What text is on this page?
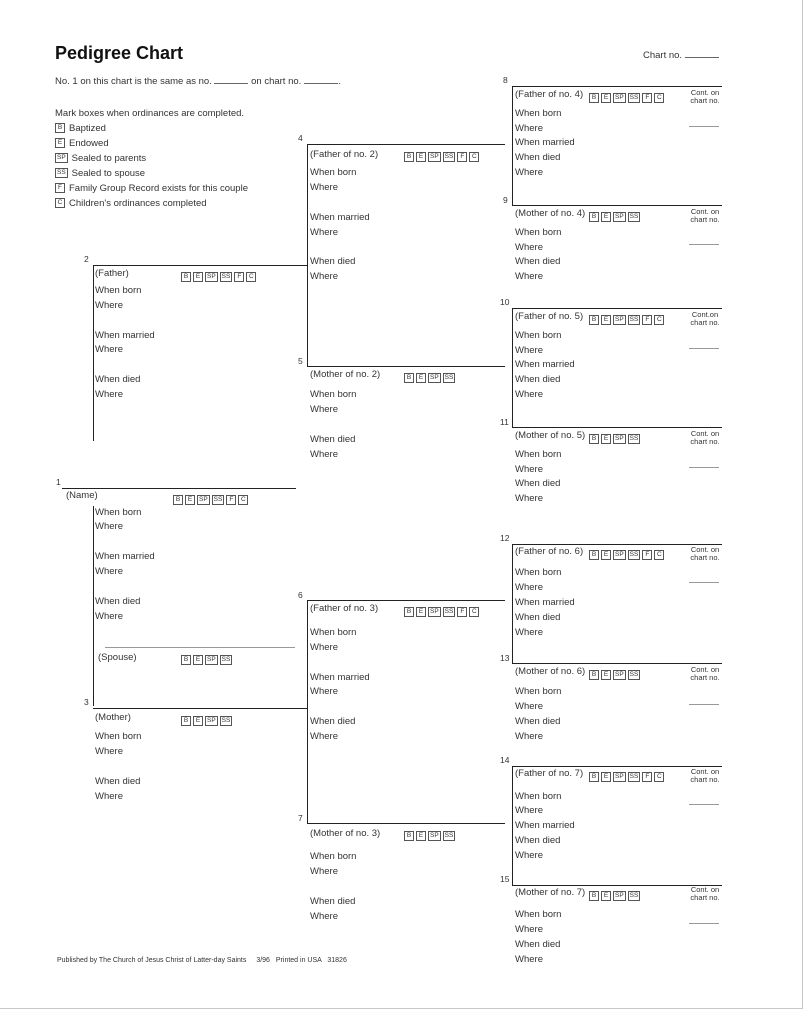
Pedigree Chart	Chart no.
No. 1 on this chart is the same as no.	on chart no.	.
Mark boxes when ordinances are completed.
B Baptized
E Endowed
SP Sealed to parents
SS Sealed to spouse
F Family Group Record exists for this couple
C Children's ordinances completed
1
(Name)	B E SP SS F C
When born
Where
When married
Where
When died
Where
(Spouse)	B E SP SS
2
(Father)	B E SP SS F C
When born
Where
When married
Where
When died
Where
3
(Mother)	B E SP SS
When born
Where
When died
Where
4
(Father of no. 2)	B E SP SS F C
When born
Where
When married
Where
When died
Where
5
(Mother of no. 2)	B E SP SS
When born
Where
When died
Where
6
(Father of no. 3)	B E SP SS F C
When born
Where
When married
Where
When died
Where
7
(Mother of no. 3)	B E SP SS
When born
Where
When died
Where
8
(Father of no. 4)	B E SP SS F C
Cont. on
chart no.
When born
Where
When married
When died
Where
9
(Mother of no. 4)	B E SP SS
Cont. on
chart no.
When born
Where
When died
Where
10
(Father of no. 5)	B E SP SS F C
Cont.on
chart no.
When born
Where
When married
When died
Where
11
(Mother of no. 5)	B E SP SS
Cont. on
chart no.
When born
Where
When died
Where
12
(Father of no. 6)	B E SP SS F C
Cont. on
chart no.
When born
Where
When married
When died
Where
13
(Mother of no. 6)	B E SP SS
Cont. on
chart no.
When born
Where
When died
Where
14
(Father of no. 7)	B E SP SS F C
Cont. on
chart no.
When born
Where
When married
When died
Where
15
(Mother of no. 7)	B E SP SS
Cont. on
chart no.
When born
Where
When died
Where
Published by The Church of Jesus Christ of Latter-day Saints 3/96 Printed in USA 31826
